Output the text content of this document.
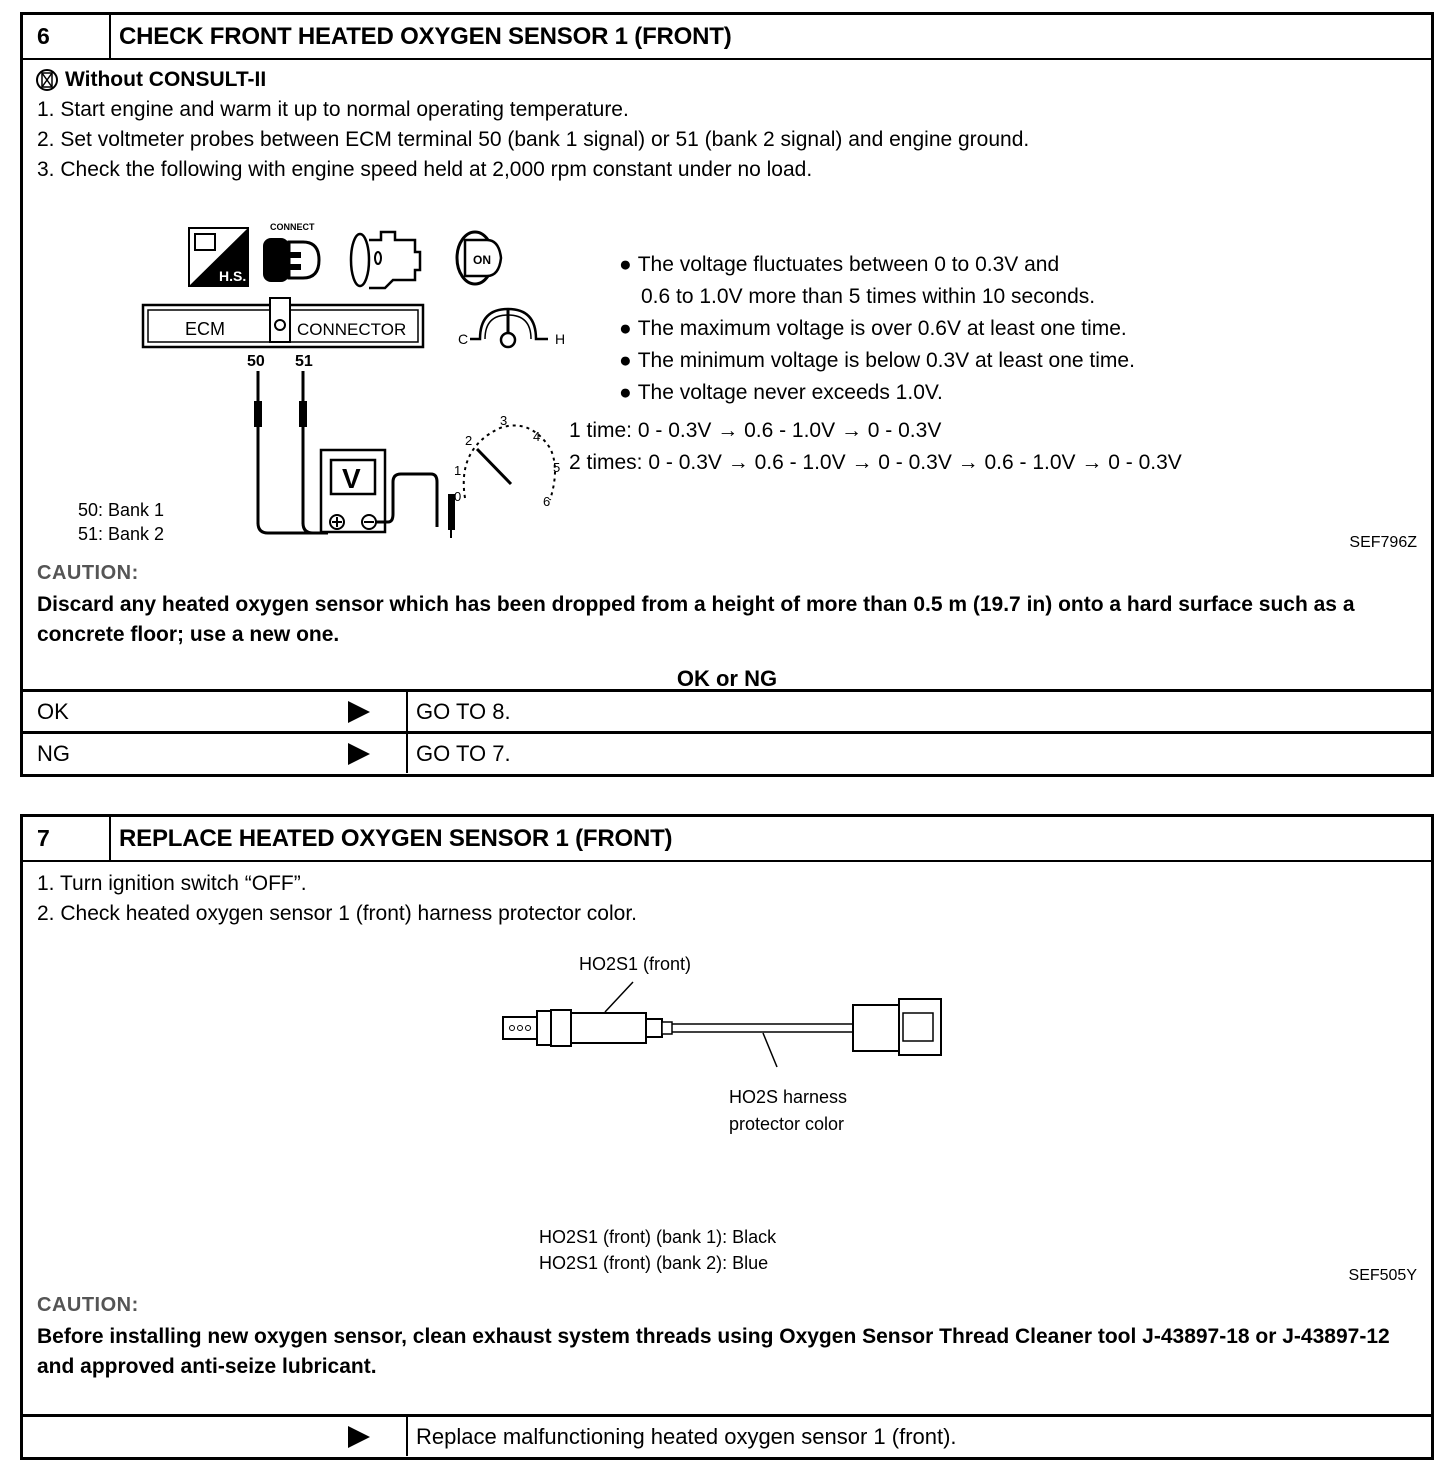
6	CHECK FRONT HEATED OXYGEN SENSOR 1 (FRONT)
Without CONSULT-II
1. Start engine and warm it up to normal operating temperature.
2. Set voltmeter probes between ECM terminal 50 (bank 1 signal) or 51 (bank 2 signal) and engine ground.
3. Check the following with engine speed held at 2,000 rpm constant under no load.
H.S.
CONNECT
ON
ECM	CONNECTOR
50 51
V
C	H
0
1
2
3
4
5
6
50: Bank 1
51: Bank 2
● The voltage fluctuates between 0 to 0.3V and
0.6 to 1.0V more than 5 times within 10 seconds.
● The maximum voltage is over 0.6V at least one time.
● The minimum voltage is below 0.3V at least one time.
● The voltage never exceeds 1.0V.
1 time: 0 - 0.3V → 0.6 - 1.0V → 0 - 0.3V
2 times: 0 - 0.3V → 0.6 - 1.0V → 0 - 0.3V → 0.6 - 1.0V → 0 - 0.3V
SEF796Z
CAUTION:
Discard any heated oxygen sensor which has been dropped from a height of more than 0.5 m (19.7 in) onto a hard surface such as a concrete floor; use a new one.
OK or NG
OK	GO TO 8.
NG	GO TO 7.
7	REPLACE HEATED OXYGEN SENSOR 1 (FRONT)
1. Turn ignition switch “OFF”.
2. Check heated oxygen sensor 1 (front) harness protector color.
HO2S1 (front)
HO2S harness
protector color
HO2S1 (front) (bank 1): Black
HO2S1 (front) (bank 2): Blue
SEF505Y
CAUTION:
Before installing new oxygen sensor, clean exhaust system threads using Oxygen Sensor Thread Cleaner tool J-43897-18 or J-43897-12 and approved anti-seize lubricant.
Replace malfunctioning heated oxygen sensor 1 (front).
